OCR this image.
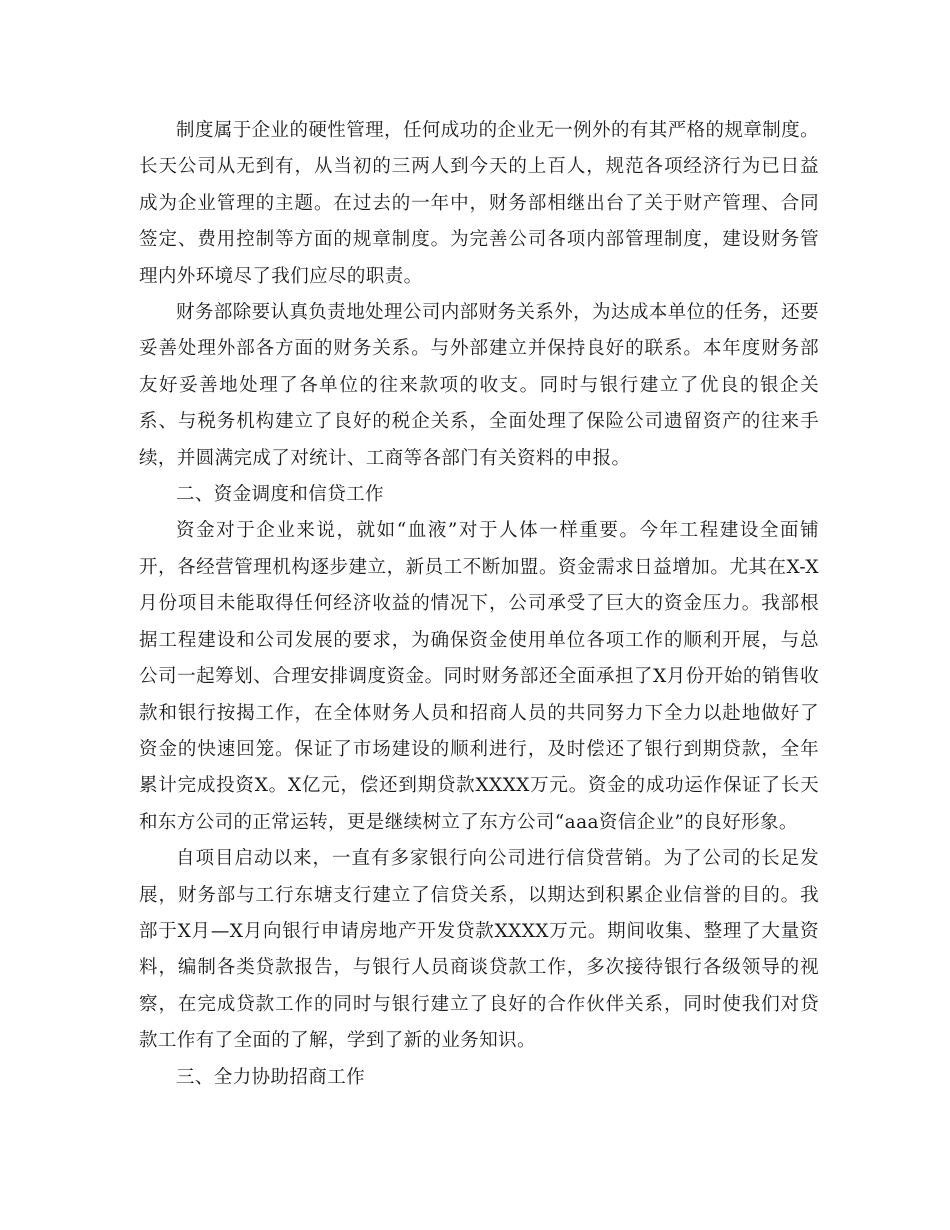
制度属于企业的硬性管理，任何成功的企业无一例外的有其严格的规章制度。长天公司从无到有，从当初的三两人到今天的上百人，规范各项经济行为已日益成为企业管理的主题。在过去的一年中，财务部相继出台了关于财产管理、合同签定、费用控制等方面的规章制度。为完善公司各项内部管理制度，建设财务管理内外环境尽了我们应尽的职责。

财务部除要认真负责地处理公司内部财务关系外，为达成本单位的任务，还要妥善处理外部各方面的财务关系。与外部建立并保持良好的联系。本年度财务部友好妥善地处理了各单位的往来款项的收支。同时与银行建立了优良的银企关系、与税务机构建立了良好的税企关系，全面处理了保险公司遗留资产的往来手续，并圆满完成了对统计、工商等各部门有关资料的申报。

二、资金调度和信贷工作

资金对于企业来说，就如“血液”对于人体一样重要。今年工程建设全面铺开，各经营管理机构逐步建立，新员工不断加盟。资金需求日益增加。尤其在X-X月份项目未能取得任何经济收益的情况下，公司承受了巨大的资金压力。我部根据工程建设和公司发展的要求，为确保资金使用单位各项工作的顺利开展，与总公司一起筹划、合理安排调度资金。同时财务部还全面承担了X月份开始的销售收款和银行按揭工作，在全体财务人员和招商人员的共同努力下全力以赴地做好了资金的快速回笼。保证了市场建设的顺利进行，及时偿还了银行到期贷款，全年累计完成投资X。X亿元，偿还到期贷款XXXX万元。资金的成功运作保证了长天和东方公司的正常运转，更是继续树立了东方公司“aaa资信企业”的良好形象。

自项目启动以来，一直有多家银行向公司进行信贷营销。为了公司的长足发展，财务部与工行东塘支行建立了信贷关系，以期达到积累企业信誉的目的。我部于X月—X月向银行申请房地产开发贷款XXXX万元。期间收集、整理了大量资料，编制各类贷款报告，与银行人员商谈贷款工作，多次接待银行各级领导的视察，在完成贷款工作的同时与银行建立了良好的合作伙伴关系，同时使我们对贷款工作有了全面的了解，学到了新的业务知识。

三、全力协助招商工作
